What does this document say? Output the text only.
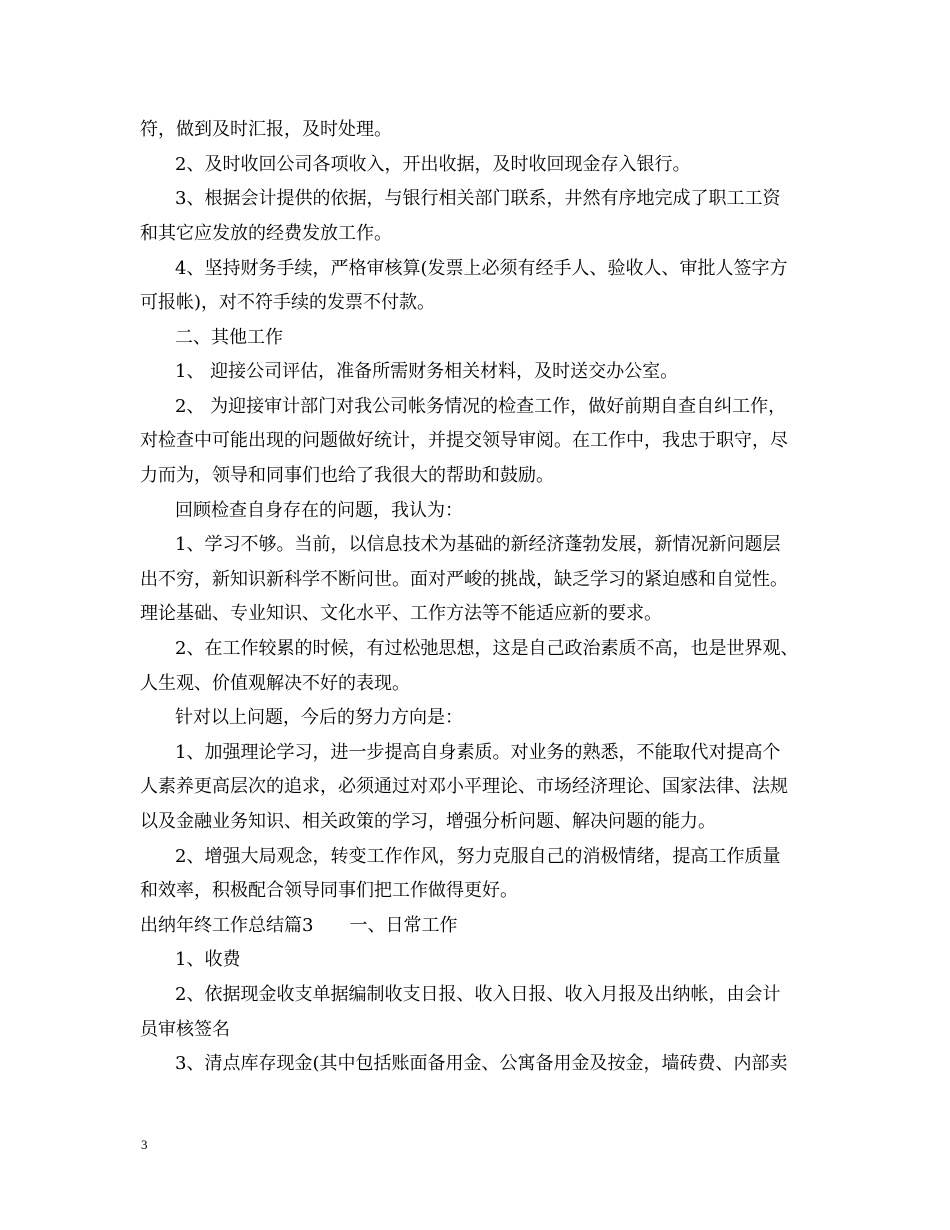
符，做到及时汇报，及时处理。
2、及时收回公司各项收入，开出收据，及时收回现金存入银行。
3、根据会计提供的依据，与银行相关部门联系，井然有序地完成了职工工资
和其它应发放的经费发放工作。
4、坚持财务手续，严格审核算(发票上必须有经手人、验收人、审批人签字方
可报帐)，对不符手续的发票不付款。
二、其他工作
1、 迎接公司评估，准备所需财务相关材料，及时送交办公室。
2、 为迎接审计部门对我公司帐务情况的检查工作，做好前期自查自纠工作，
对检查中可能出现的问题做好统计，并提交领导审阅。在工作中，我忠于职守，尽
力而为，领导和同事们也给了我很大的帮助和鼓励。
回顾检查自身存在的问题，我认为：
1、学习不够。当前，以信息技术为基础的新经济蓬勃发展，新情况新问题层
出不穷，新知识新科学不断问世。面对严峻的挑战，缺乏学习的紧迫感和自觉性。
理论基础、专业知识、文化水平、工作方法等不能适应新的要求。
2、在工作较累的时候，有过松弛思想，这是自己政治素质不高，也是世界观、
人生观、价值观解决不好的表现。
针对以上问题，今后的努力方向是：
1、加强理论学习，进一步提高自身素质。对业务的熟悉，不能取代对提高个
人素养更高层次的追求，必须通过对邓小平理论、市场经济理论、国家法律、法规
以及金融业务知识、相关政策的学习，增强分析问题、解决问题的能力。
2、增强大局观念，转变工作作风，努力克服自己的消极情绪，提高工作质量
和效率，积极配合领导同事们把工作做得更好。
出纳年终工作总结篇3　　一、日常工作
1、收费
2、依据现金收支单据编制收支日报、收入日报、收入月报及出纳帐，由会计
员审核签名
3、清点库存现金(其中包括账面备用金、公寓备用金及按金，墙砖费、内部卖
3
